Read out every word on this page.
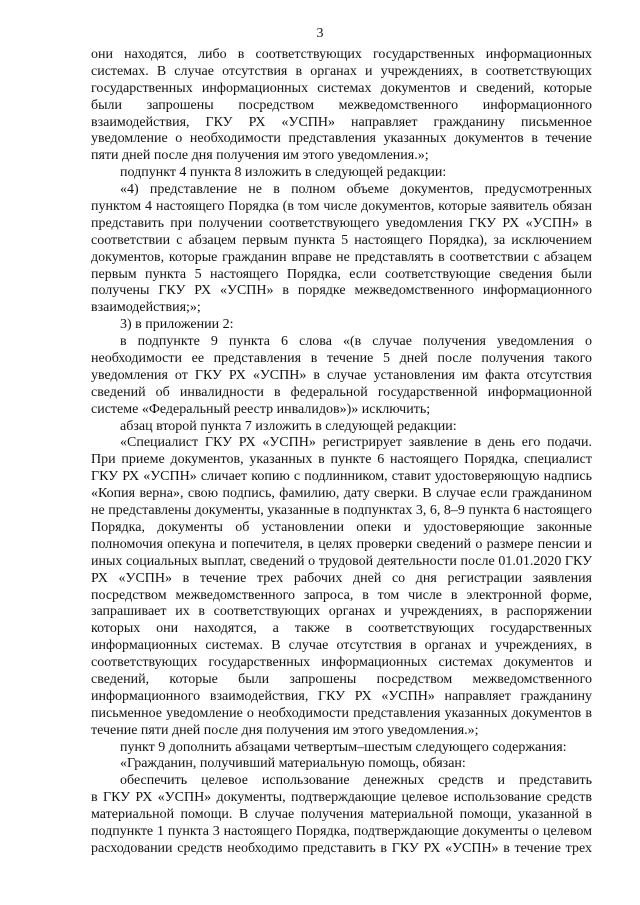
3
они находятся, либо в соответствующих государственных информационных
системах. В случае отсутствия в органах и учреждениях, в соответствующих
государственных информационных системах документов и сведений, которые
были запрошены посредством межведомственного информационного
взаимодействия, ГКУ РХ «УСПН» направляет гражданину письменное
уведомление о необходимости представления указанных документов в течение
пяти дней после дня получения им этого уведомления.»;
подпункт 4 пункта 8 изложить в следующей редакции:
«4) представление не в полном объеме документов, предусмотренных
пунктом 4 настоящего Порядка (в том числе документов, которые заявитель обязан
представить при получении соответствующего уведомления ГКУ РХ «УСПН» в
соответствии с абзацем первым пункта 5 настоящего Порядка), за исключением
документов, которые гражданин вправе не представлять в соответствии с абзацем
первым пункта 5 настоящего Порядка, если соответствующие сведения были
получены ГКУ РХ «УСПН» в порядке межведомственного информационного
взаимодействия;»;
3) в приложении 2:
в подпункте 9 пункта 6 слова «(в случае получения уведомления о
необходимости ее представления в течение 5 дней после получения такого
уведомления от ГКУ РХ «УСПН» в случае установления им факта отсутствия
сведений об инвалидности в федеральной государственной информационной
системе «Федеральный реестр инвалидов»)» исключить;
абзац второй пункта 7 изложить в следующей редакции:
«Специалист ГКУ РХ «УСПН» регистрирует заявление в день его подачи.
При приеме документов, указанных в пункте 6 настоящего Порядка, специалист
ГКУ РХ «УСПН» сличает копию с подлинником, ставит удостоверяющую надпись
«Копия верна», свою подпись, фамилию, дату сверки. В случае если гражданином
не представлены документы, указанные в подпунктах 3, 6, 8–9 пункта 6 настоящего
Порядка, документы об установлении опеки и удостоверяющие законные
полномочия опекуна и попечителя, в целях проверки сведений о размере пенсии и
иных социальных выплат, сведений о трудовой деятельности после 01.01.2020 ГКУ
РХ «УСПН» в течение трех рабочих дней со дня регистрации заявления
посредством межведомственного запроса, в том числе в электронной форме,
запрашивает их в соответствующих органах и учреждениях, в распоряжении
которых они находятся, а также в соответствующих государственных
информационных системах. В случае отсутствия в органах и учреждениях, в
соответствующих государственных информационных системах документов и
сведений, которые были запрошены посредством межведомственного
информационного взаимодействия, ГКУ РХ «УСПН» направляет гражданину
письменное уведомление о необходимости представления указанных документов в
течение пяти дней после дня получения им этого уведомления.»;
пункт 9 дополнить абзацами четвертым–шестым следующего содержания:
«Гражданин, получивший материальную помощь, обязан:
обеспечить целевое использование денежных средств и представить
в ГКУ РХ «УСПН» документы, подтверждающие целевое использование средств
материальной помощи. В случае получения материальной помощи, указанной в
подпункте 1 пункта 3 настоящего Порядка, подтверждающие документы о целевом
расходовании средств необходимо представить в ГКУ РХ «УСПН» в течение трех
